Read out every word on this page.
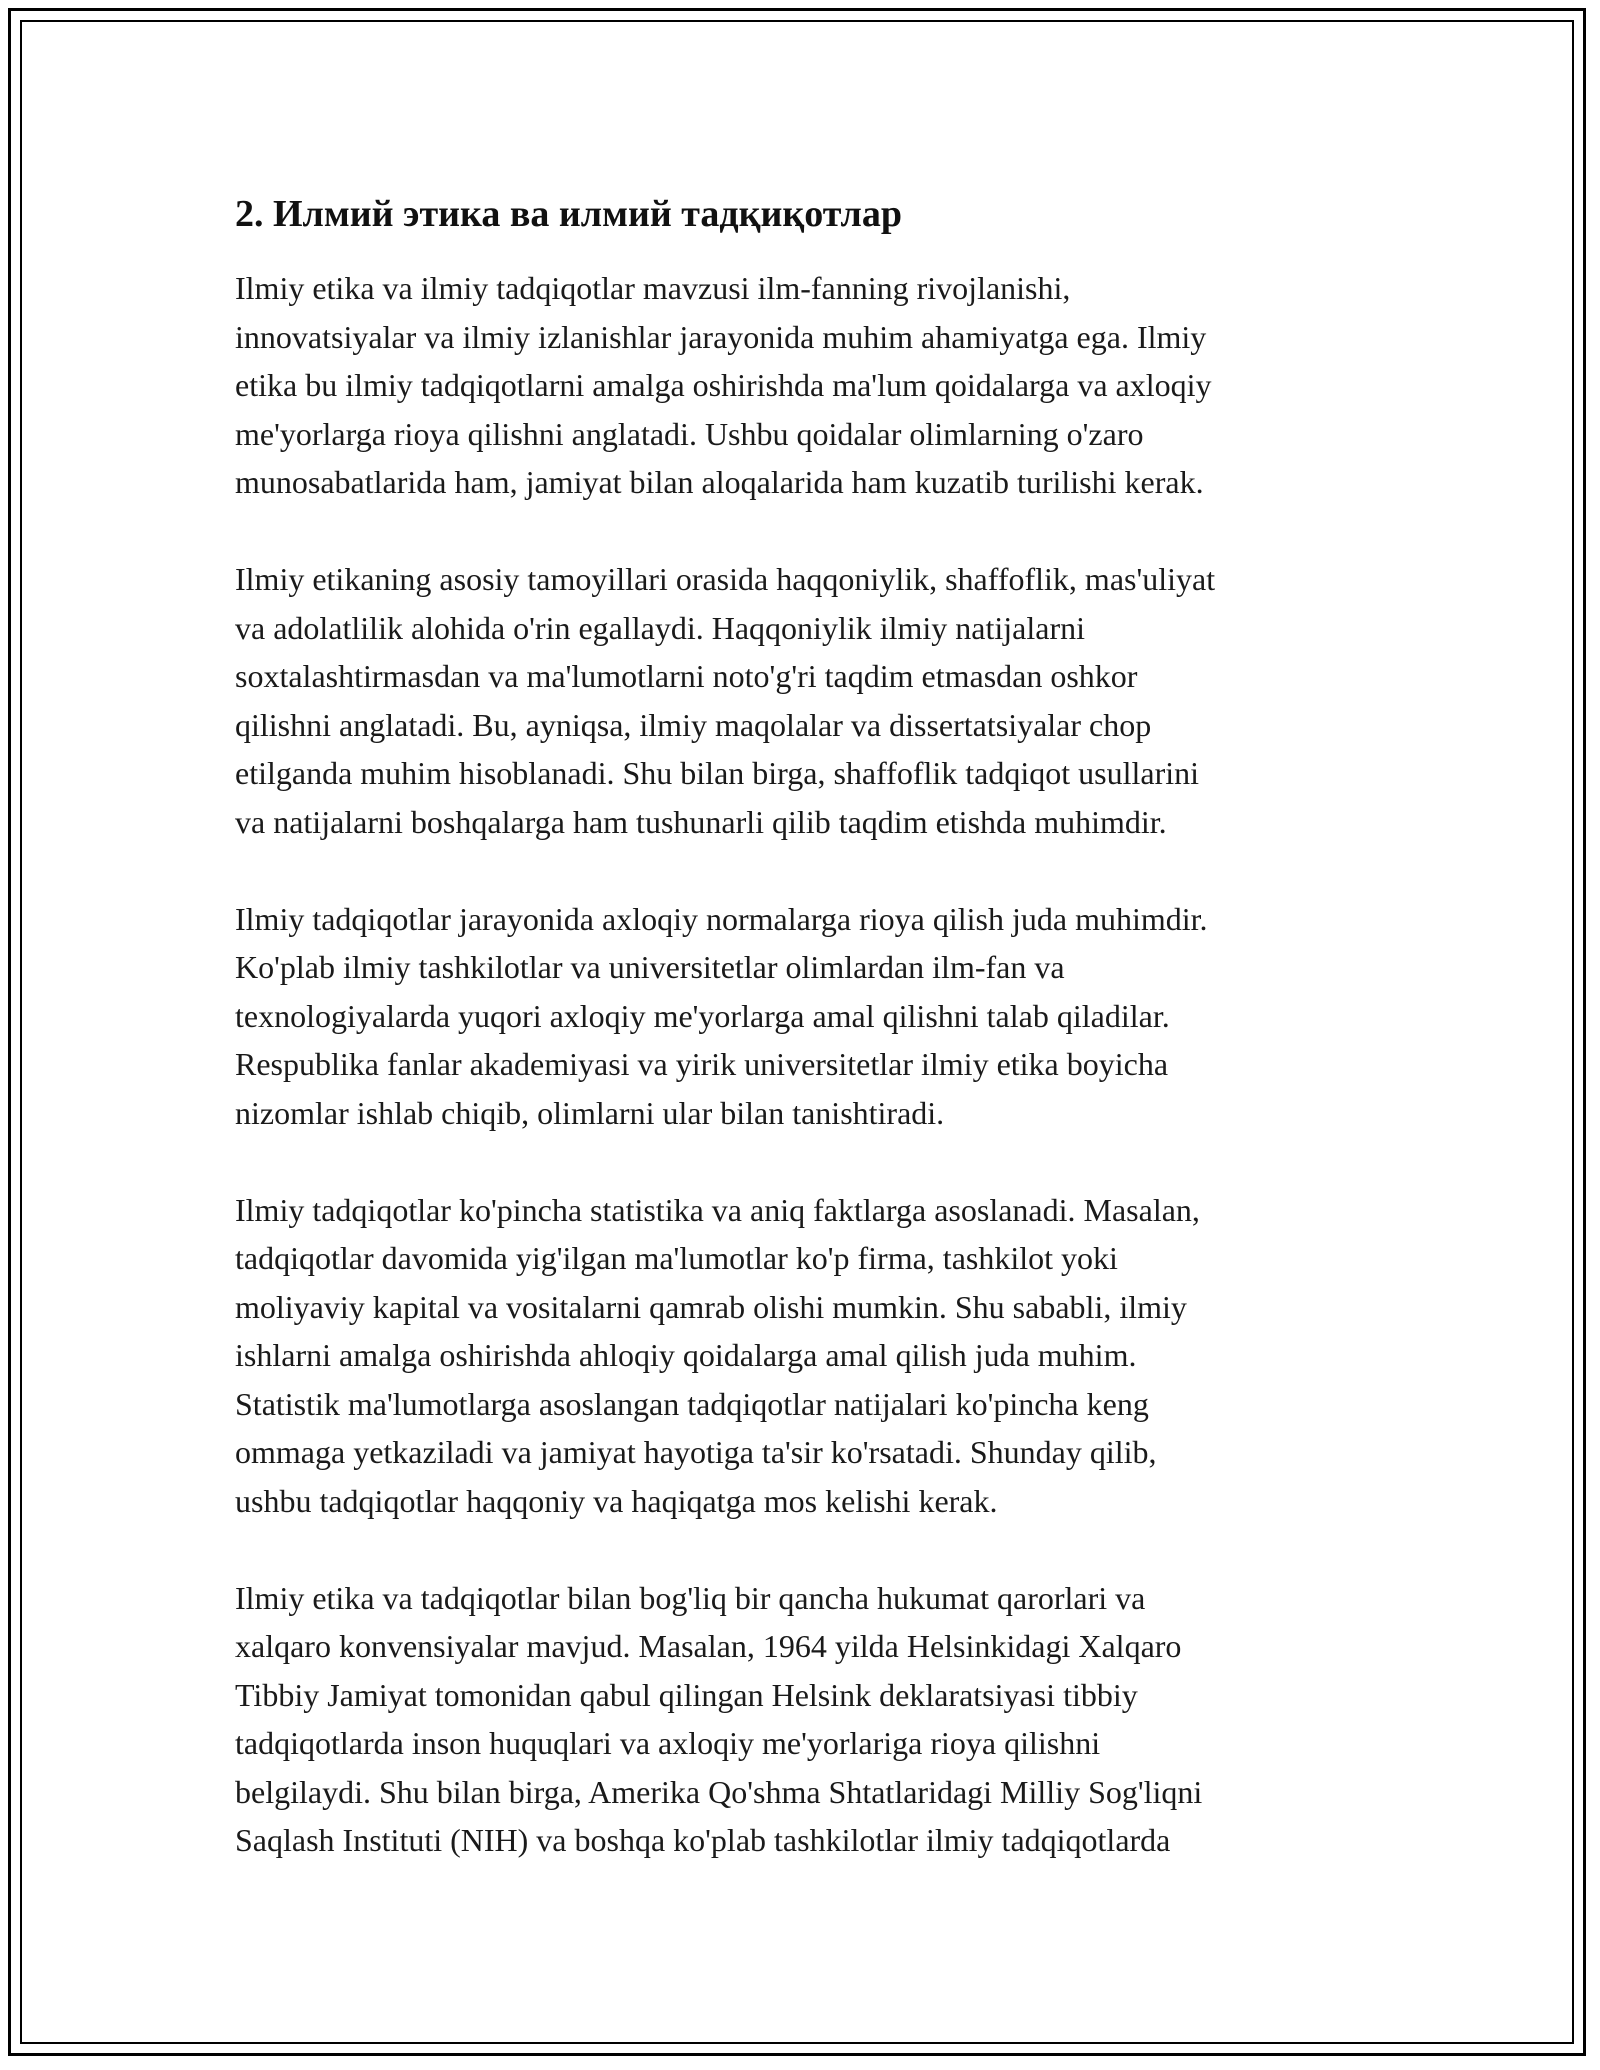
2. Илмий этика ва илмий тадқиқотлар

Ilmiy etika va ilmiy tadqiqotlar mavzusi ilm-fanning rivojlanishi,
innovatsiyalar va ilmiy izlanishlar jarayonida muhim ahamiyatga ega. Ilmiy
etika bu ilmiy tadqiqotlarni amalga oshirishda ma'lum qoidalarga va axloqiy
me'yorlarga rioya qilishni anglatadi. Ushbu qoidalar olimlarning o'zaro
munosabatlarida ham, jamiyat bilan aloqalarida ham kuzatib turilishi kerak.

Ilmiy etikaning asosiy tamoyillari orasida haqqoniylik, shaffoflik, mas'uliyat
va adolatlilik alohida o'rin egallaydi. Haqqoniylik ilmiy natijalarni
soxtalashtirmasdan va ma'lumotlarni noto'g'ri taqdim etmasdan oshkor
qilishni anglatadi. Bu, ayniqsa, ilmiy maqolalar va dissertatsiyalar chop
etilganda muhim hisoblanadi. Shu bilan birga, shaffoflik tadqiqot usullarini
va natijalarni boshqalarga ham tushunarli qilib taqdim etishda muhimdir.

Ilmiy tadqiqotlar jarayonida axloqiy normalarga rioya qilish juda muhimdir.
Ko'plab ilmiy tashkilotlar va universitetlar olimlardan ilm-fan va
texnologiyalarda yuqori axloqiy me'yorlarga amal qilishni talab qiladilar.
Respublika fanlar akademiyasi va yirik universitetlar ilmiy etika boyicha
nizomlar ishlab chiqib, olimlarni ular bilan tanishtiradi.

Ilmiy tadqiqotlar ko'pincha statistika va aniq faktlarga asoslanadi. Masalan,
tadqiqotlar davomida yig'ilgan ma'lumotlar ko'p firma, tashkilot yoki
moliyaviy kapital va vositalarni qamrab olishi mumkin. Shu sababli, ilmiy
ishlarni amalga oshirishda ahloqiy qoidalarga amal qilish juda muhim.
Statistik ma'lumotlarga asoslangan tadqiqotlar natijalari ko'pincha keng
ommaga yetkaziladi va jamiyat hayotiga ta'sir ko'rsatadi. Shunday qilib,
ushbu tadqiqotlar haqqoniy va haqiqatga mos kelishi kerak.

Ilmiy etika va tadqiqotlar bilan bog'liq bir qancha hukumat qarorlari va
xalqaro konvensiyalar mavjud. Masalan, 1964 yilda Helsinkidagi Xalqaro
Tibbiy Jamiyat tomonidan qabul qilingan Helsink deklaratsiyasi tibbiy
tadqiqotlarda inson huquqlari va axloqiy me'yorlariga rioya qilishni
belgilaydi. Shu bilan birga, Amerika Qo'shma Shtatlaridagi Milliy Sog'liqni
Saqlash Instituti (NIH) va boshqa ko'plab tashkilotlar ilmiy tadqiqotlarda
